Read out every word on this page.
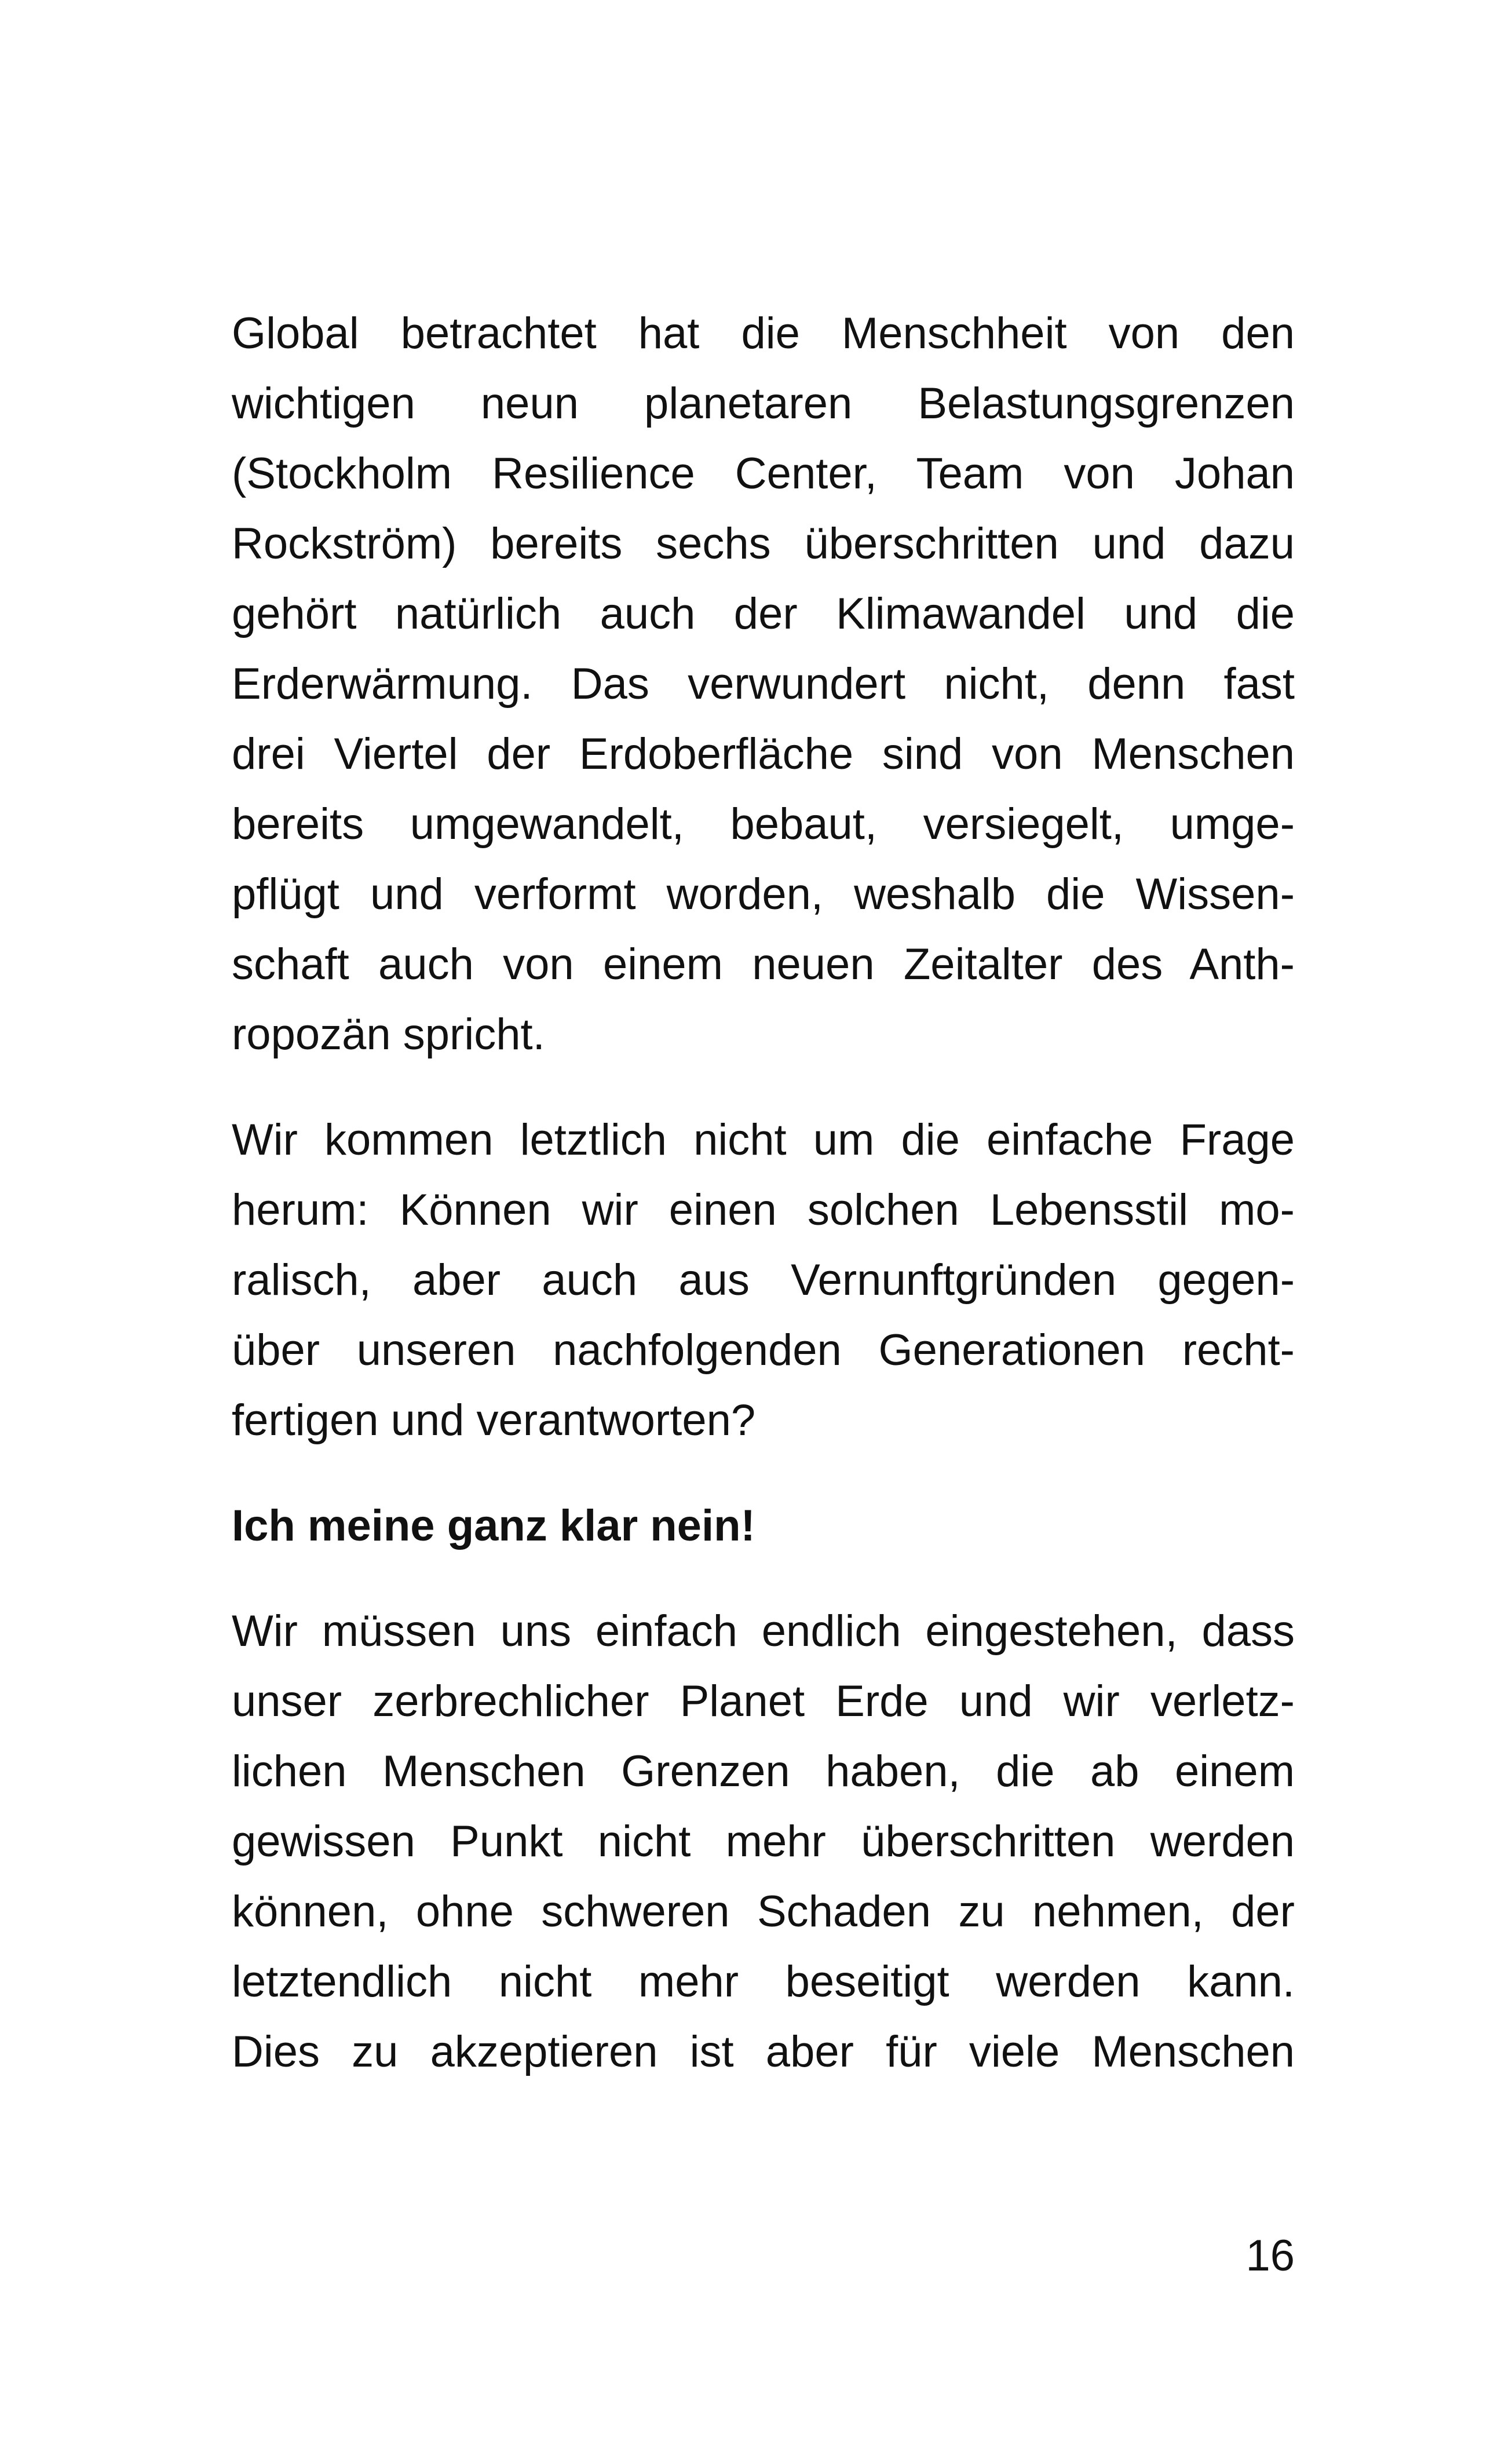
Global betrachtet hat die Menschheit von den
wichtigen neun planetaren Belastungsgrenzen
(Stockholm Resilience Center, Team von Johan
Rockström) bereits sechs überschritten und dazu
gehört natürlich auch der Klimawandel und die
Erderwärmung. Das verwundert nicht, denn fast
drei Viertel der Erdoberfläche sind von Menschen
bereits umgewandelt, bebaut, versiegelt, umge-
pflügt und verformt worden, weshalb die Wissen-
schaft auch von einem neuen Zeitalter des Anth-
ropozän spricht.
Wir kommen letztlich nicht um die einfache Frage
herum: Können wir einen solchen Lebensstil mo-
ralisch, aber auch aus Vernunftgründen gegen-
über unseren nachfolgenden Generationen recht-
fertigen und verantworten?
Ich meine ganz klar nein!
Wir müssen uns einfach endlich eingestehen, dass
unser zerbrechlicher Planet Erde und wir verletz-
lichen Menschen Grenzen haben, die ab einem
gewissen Punkt nicht mehr überschritten werden
können, ohne schweren Schaden zu nehmen, der
letztendlich nicht mehr beseitigt werden kann.
Dies zu akzeptieren ist aber für viele Menschen
16
